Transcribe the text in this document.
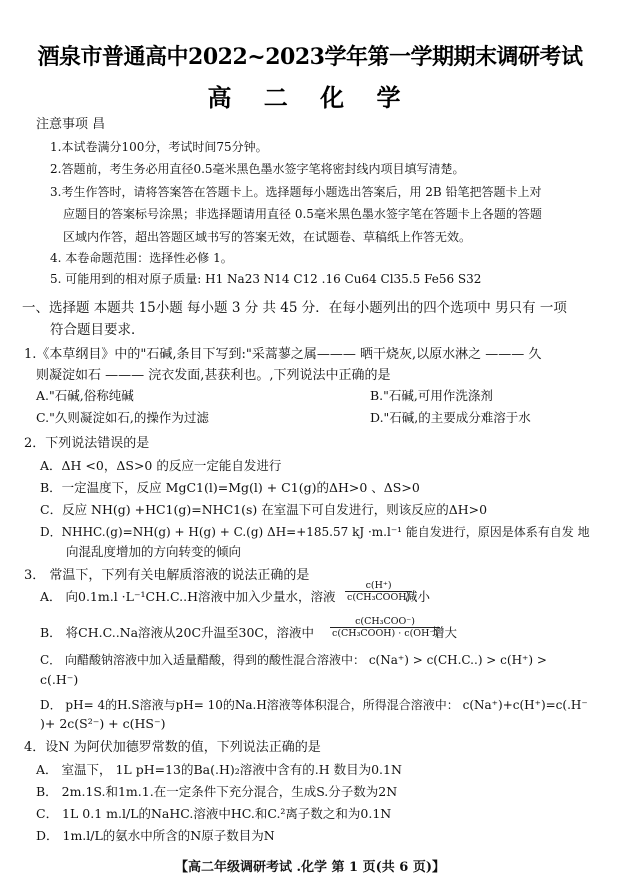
酒泉市普通高中2022~2023学年第一学期期末调研考试
高 二 化 学
注意事项 昌
1.本试卷满分100分，考试时间75分钟。
2.答题前，考生务必用直径0.5毫米黑色墨水签字笔将密封线内项目填写清楚。
3.考生作答时，请将答案答在答题卡上。选择题每小题选出答案后，用 2B 铅笔把答题卡上对
应题目的答案标号涂黑；非选择题请用直径 0.5毫米黑色墨水签字笔在答题卡上各题的答题
区域内作答，超出答题区域书写的答案无效，在试题卷、草稿纸上作答无效。
4. 本卷命题范围：选择性必修 1。
5. 可能用到的相对原子质量: H1 Na23 N14 C12 .16 Cu64 Cl35.5 Fe56 S32
一、选择题 本题共 15小题 每小题 3 分 共 45 分．在每小题列出的四个选项中 男只有 一项
符合题目要求．
1.《本草纲目》中的"石碱,条目下写到:"采蒿蓼之属——— 晒干烧灰,以原水淋之 ——— 久
则凝淀如石 ——— 浣衣发面,甚获利也。,下列说法中正确的是
A."石碱,俗称纯碱	B."石碱,可用作洗涤剂
C."久则凝淀如石,的操作为过滤	D."石碱,的主要成分难溶于水
2．下列说法错误的是
A．ΔH <0，ΔS>0 的反应一定能自发进行
B．一定温度下，反应 MgC1(l)=Mg(l) + C1(g)的ΔH>0 、ΔS>0
C．反应 NH(g) +HC1(g)=NHC1(s) 在室温下可自发进行，则该反应的ΔH>0
D．NHHC.(g)=NH(g) + H(g) + C.(g) ΔH=+185.57 kJ ·m.l⁻¹ 能自发进行，原因是体系有自发 地
向混乱度增加的方向转变的倾向
3． 常温下，下列有关电解质溶液的说法正确的是
A． 向0.1m.l ·L⁻¹CH.C..H溶液中加入少量水，溶液
c(H⁺)
c(CH₃COOH)
减小
B． 将CH.C..Na溶液从20C升温至30C，溶液中
c(CH₃COO⁻)
c(CH₃COOH) · c(OH⁻)
增大
C． 向醋酸钠溶液中加入适量醋酸，得到的酸性混合溶液中： c(Na⁺) > c(CH.C..) > c(H⁺) >
c(.H⁻)
D． pH= 4的H.S溶液与pH= 10的Na.H溶液等体积混合，所得混合溶液中： c(Na⁺)+c(H⁺)=c(.H⁻
)+ 2c(S²⁻) + c(HS⁻)
4．设N 为阿伏加德罗常数的值，下列说法正确的是
A． 室温下， 1L pH=13的Ba(.H)₂溶液中含有的.H 数目为0.1N
B． 2m.1S.和1m.1.在一定条件下充分混合，生成S.分子数为2N
C． 1L 0.1 m.l/L的NaHC.溶液中HC.和C.²离子数之和为0.1N
D． 1m.l/L的氨水中所含的N原子数目为N
【高二年级调研考试 .化学 第 1 页(共 6 页)】
